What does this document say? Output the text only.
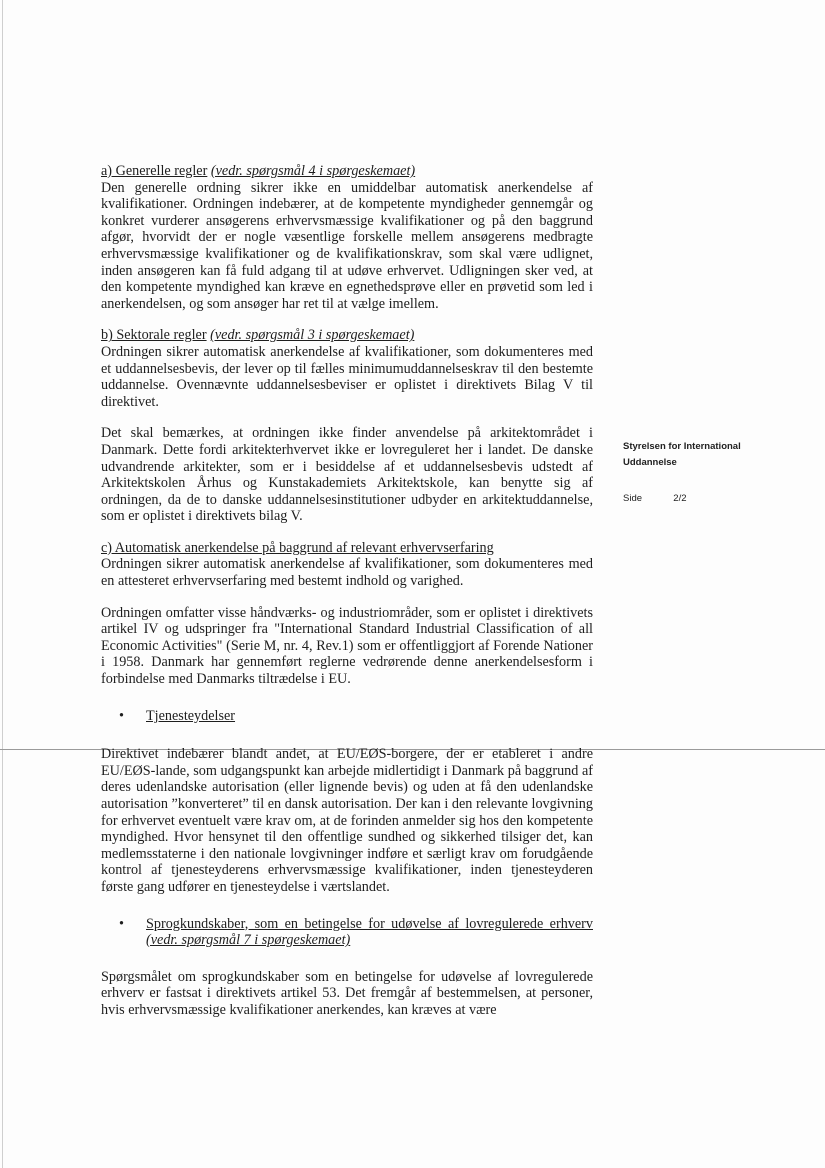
Styrelsen for International
Uddannelse
Side	2/2

a) Generelle regler (vedr. spørgsmål 4 i spørgeskemaet)

Den generelle ordning sikrer ikke en umiddelbar automatisk anerkendelse af kvalifikationer. Ordningen indebærer, at de kompetente myndigheder gennemgår og konkret vurderer ansøgerens erhvervsmæssige kvalifikationer og på den baggrund afgør, hvorvidt der er nogle væsentlige forskelle mellem ansøgerens medbragte erhvervsmæssige kvalifikationer og de kvalifikationskrav, som skal være udlignet, inden ansøgeren kan få fuld adgang til at udøve erhvervet. Udligningen sker ved, at den kompetente myndighed kan kræve en egnethedsprøve eller en prøvetid som led i anerkendelsen, og som ansøger har ret til at vælge imellem.

b) Sektorale regler (vedr. spørgsmål 3 i spørgeskemaet)

Ordningen sikrer automatisk anerkendelse af kvalifikationer, som dokumenteres med et uddannelsesbevis, der lever op til fælles minimumuddannelseskrav til den bestemte uddannelse. Ovennævnte uddannelsesbeviser er oplistet i direktivets Bilag V til direktivet.

Det skal bemærkes, at ordningen ikke finder anvendelse på arkitektområdet i Danmark. Dette fordi arkitekterhvervet ikke er lovreguleret her i landet. De danske udvandrende arkitekter, som er i besiddelse af et uddannelsesbevis udstedt af Arkitektskolen Århus og Kunstakademiets Arkitektskole, kan benytte sig af ordningen, da de to danske uddannelsesinstitutioner udbyder en arkitektuddannelse, som er oplistet i direktivets bilag V.

c) Automatisk anerkendelse på baggrund af relevant erhvervserfaring

Ordningen sikrer automatisk anerkendelse af kvalifikationer, som dokumenteres med en attesteret erhvervserfaring med bestemt indhold og varighed.

Ordningen omfatter visse håndværks- og industriområder, som er oplistet i direktivets artikel IV og udspringer fra "International Standard Industrial Classification of all Economic Activities" (Serie M, nr. 4, Rev.1) som er offentliggjort af Forende Nationer i 1958. Danmark har gennemført reglerne vedrørende denne anerkendelsesform i forbindelse med Danmarks tiltrædelse i EU.

• Tjenesteydelser

Direktivet indebærer blandt andet, at EU/EØS-borgere, der er etableret i andre EU/EØS-lande, som udgangspunkt kan arbejde midlertidigt i Danmark på baggrund af deres udenlandske autorisation (eller lignende bevis) og uden at få den udenlandske autorisation ”konverteret” til en dansk autorisation. Der kan i den relevante lovgivning for erhvervet eventuelt være krav om, at de forinden anmelder sig hos den kompetente myndighed. Hvor hensynet til den offentlige sundhed og sikkerhed tilsiger det, kan medlemsstaterne i den nationale lovgivninger indføre et særligt krav om forudgående kontrol af tjenesteyderens erhvervsmæssige kvalifikationer, inden tjenesteyderen første gang udfører en tjenesteydelse i værtslandet.

• Sprogkundskaber, som en betingelse for udøvelse af lovregulerede erhverv (vedr. spørgsmål 7 i spørgeskemaet)

Spørgsmålet om sprogkundskaber som en betingelse for udøvelse af lovregulerede erhverv er fastsat i direktivets artikel 53. Det fremgår af bestemmelsen, at personer, hvis erhvervsmæssige kvalifikationer anerkendes, kan kræves at være
